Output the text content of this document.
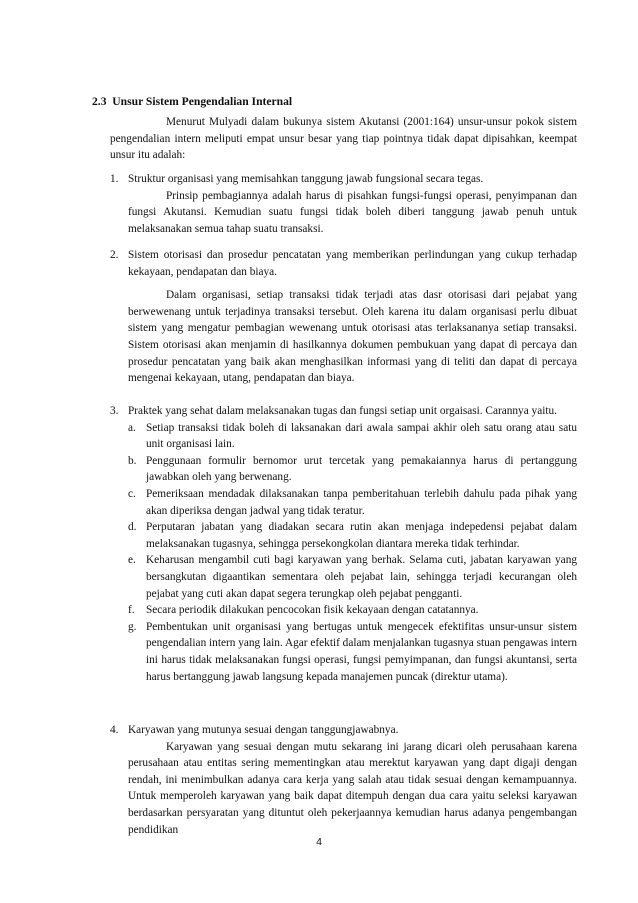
2.3 Unsur Sistem Pengendalian Internal

Menurut Mulyadi dalam bukunya sistem Akutansi (2001:164) unsur-unsur pokok sistem pengendalian intern meliputi empat unsur besar yang tiap pointnya tidak dapat dipisahkan, keempat unsur itu adalah:

1. Struktur organisasi yang memisahkan tanggung jawab fungsional secara tegas.
Prinsip pembagiannya adalah harus di pisahkan fungsi-fungsi operasi, penyimpanan dan fungsi Akutansi. Kemudian suatu fungsi tidak boleh diberi tanggung jawab penuh untuk melaksanakan semua tahap suatu transaksi.
2. Sistem otorisasi dan prosedur pencatatan yang memberikan perlindungan yang cukup terhadap kekayaan, pendapatan dan biaya.
Dalam organisasi, setiap transaksi tidak terjadi atas dasr otorisasi dari pejabat yang berwewenang untuk terjadinya transaksi tersebut. Oleh karena itu dalam organisasi perlu dibuat sistem yang mengatur pembagian wewenang untuk otorisasi atas terlaksananya setiap transaksi. Sistem otorisasi akan menjamin di hasilkannya dokumen pembukuan yang dapat di percaya dan prosedur pencatatan yang baik akan menghasilkan informasi yang di teliti dan dapat di percaya mengenai kekayaan, utang, pendapatan dan biaya.
3. Praktek yang sehat dalam melaksanakan tugas dan fungsi setiap unit orgaisasi. Carannya yaitu.
a. Setiap transaksi tidak boleh di laksanakan dari awala sampai akhir oleh satu orang atau satu unit organisasi lain.
b. Penggunaan formulir bernomor urut tercetak yang pemakaiannya harus di pertanggung jawabkan oleh yang berwenang.
c. Pemeriksaan mendadak dilaksanakan tanpa pemberitahuan terlebih dahulu pada pihak yang akan diperiksa dengan jadwal yang tidak teratur.
d. Perputaran jabatan yang diadakan secara rutin akan menjaga indepedensi pejabat dalam melaksanakan tugasnya, sehingga persekongkolan diantara mereka tidak terhindar.
e. Keharusan mengambil cuti bagi karyawan yang berhak. Selama cuti, jabatan karyawan yang bersangkutan digaantikan sementara oleh pejabat lain, sehingga terjadi kecurangan oleh pejabat yang cuti akan dapat segera terungkap oleh pejabat pengganti.
f. Secara periodik dilakukan pencocokan fisik kekayaan dengan catatannya.
g. Pembentukan unit organisasi yang bertugas untuk mengecek efektifitas unsur-unsur sistem pengendalian intern yang lain. Agar efektif dalam menjalankan tugasnya stuan pengawas intern ini harus tidak melaksanakan fungsi operasi, fungsi pemyimpanan, dan fungsi akuntansi, serta harus bertanggung jawab langsung kepada manajemen puncak (direktur utama).
4. Karyawan yang mutunya sesuai dengan tanggungjawabnya.
Karyawan yang sesuai dengan mutu sekarang ini jarang dicari oleh perusahaan karena perusahaan atau entitas sering mementingkan atau merektut karyawan yang dapt digaji dengan rendah, ini menimbulkan adanya cara kerja yang salah atau tidak sesuai dengan kemampuannya. Untuk memperoleh karyawan yang baik dapat ditempuh dengan dua cara yaitu seleksi karyawan berdasarkan persyaratan yang dituntut oleh pekerjaannya kemudian harus adanya pengembangan pendidikan
4
